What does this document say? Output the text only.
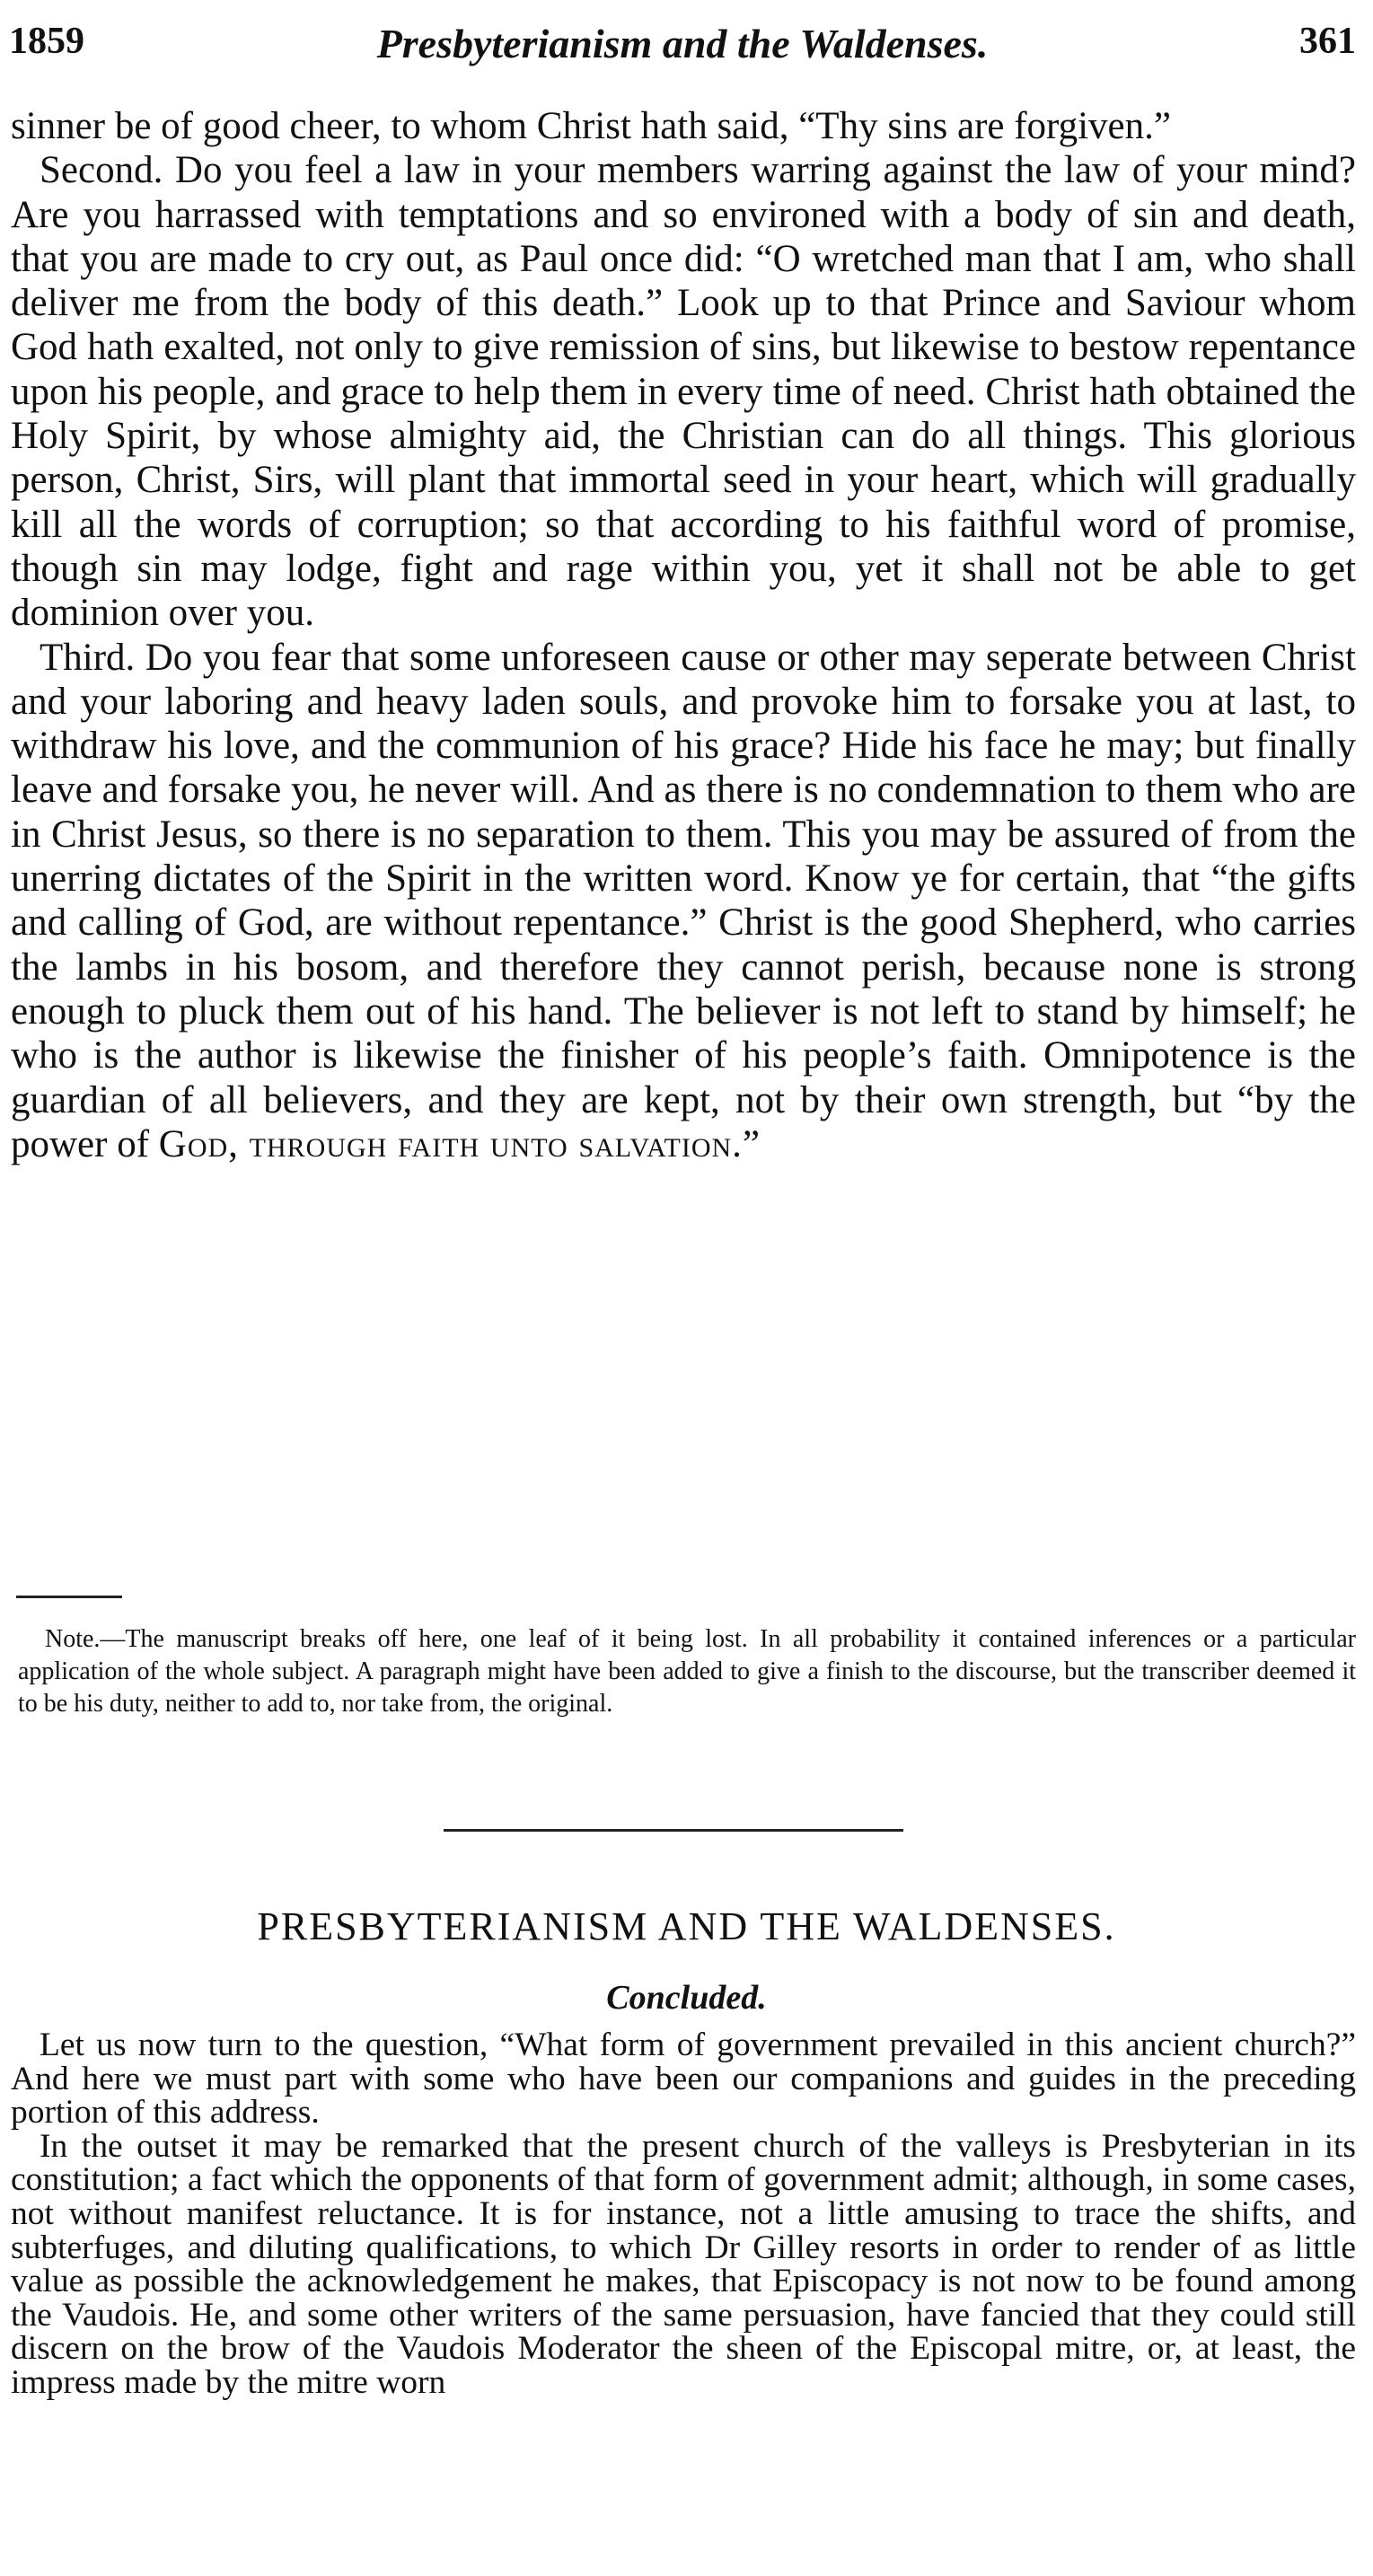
1859	Presbyterianism and the Waldenses.	361

sinner be of good cheer, to whom Christ hath said, “Thy sins are forgiven.”

Second. Do you feel a law in your members warring against the law of your mind? Are you harrassed with temptations and so environed with a body of sin and death, that you are made to cry out, as Paul once did: “O wretched man that I am, who shall deliver me from the body of this death.” Look up to that Prince and Saviour whom God hath exalted, not only to give remission of sins, but likewise to bestow repentance upon his people, and grace to help them in every time of need. Christ hath obtained the Holy Spirit, by whose almighty aid, the Christian can do all things. This glorious person, Christ, Sirs, will plant that immortal seed in your heart, which will gradually kill all the words of corruption; so that according to his faithful word of promise, though sin may lodge, fight and rage within you, yet it shall not be able to get dominion over you.

Third. Do you fear that some unforeseen cause or other may seperate between Christ and your laboring and heavy laden souls, and provoke him to forsake you at last, to withdraw his love, and the communion of his grace? Hide his face he may; but finally leave and forsake you, he never will. And as there is no condemnation to them who are in Christ Jesus, so there is no separation to them. This you may be assured of from the unerring dictates of the Spirit in the written word. Know ye for certain, that “the gifts and calling of God, are without repentance.” Christ is the good Shepherd, who carries the lambs in his bosom, and therefore they cannot perish, because none is strong enough to pluck them out of his hand. The believer is not left to stand by himself; he who is the author is likewise the finisher of his people’s faith. Omnipotence is the guardian of all believers, and they are kept, not by their own strength, but “by the power of God, through faith unto salvation.”

Note.—The manuscript breaks off here, one leaf of it being lost. In all probability it contained inferences or a particular application of the whole subject. A paragraph might have been added to give a finish to the discourse, but the transcriber deemed it to be his duty, neither to add to, nor take from, the original.

PRESBYTERIANISM AND THE WALDENSES.
Concluded.

Let us now turn to the question, “What form of government prevailed in this ancient church?” And here we must part with some who have been our companions and guides in the preceding portion of this address.

In the outset it may be remarked that the present church of the valleys is Presbyterian in its constitution; a fact which the opponents of that form of government admit; although, in some cases, not without manifest reluctance. It is for instance, not a little amusing to trace the shifts, and subterfuges, and diluting qualifications, to which Dr Gilley resorts in order to render of as little value as possible the acknowledgement he makes, that Episcopacy is not now to be found among the Vaudois. He, and some other writers of the same persuasion, have fancied that they could still discern on the brow of the Vaudois Moderator the sheen of the Episcopal mitre, or, at least, the impress made by the mitre worn
